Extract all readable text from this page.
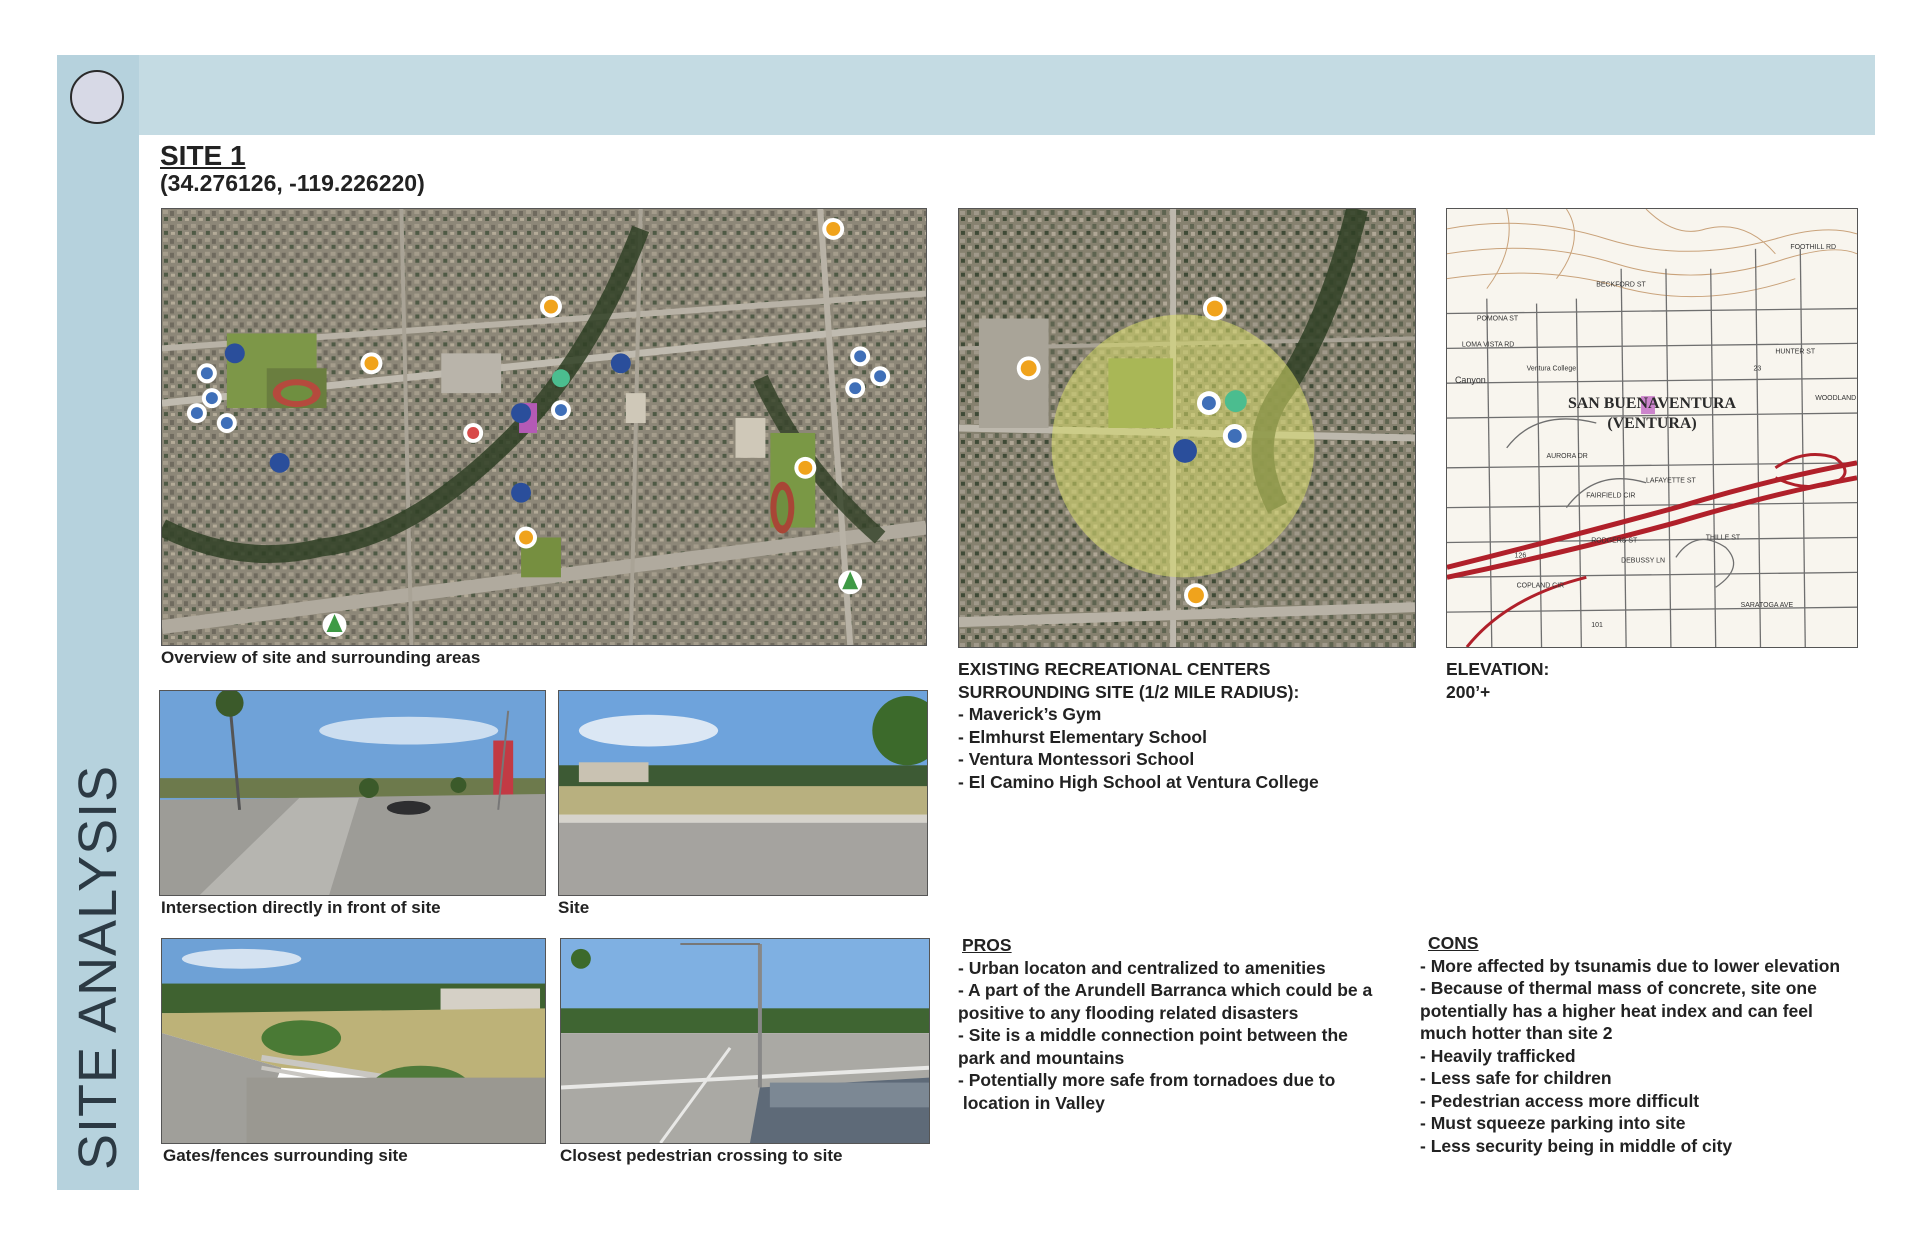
SITE ANALYSIS
SITE 1
(34.276126, -119.226220)
Overview of site and surrounding areas
FOOTHILL RD
BECKFORD ST
POMONA ST
LOMA VISTA RD
HUNTER ST
Ventura College
LAFAYETTE ST
AURORA DR
FAIRFIELD CIR
RODGERS ST	THILLE ST
DEBUSSY LN
COPLAND CIR
SARATOGA AVE
WOODLAND
Canyon
126
101
23
SAN BUENAVENTURA
(VENTURA)
EXISTING RECREATIONAL CENTERS
SURROUNDING SITE (1/2 MILE RADIUS):
- Maverick’s Gym
- Elmhurst Elementary School
- Ventura Montessori School
- El Camino High School at Ventura College
ELEVATION:
200’+
Intersection directly in front of site	Site
Gates/fences surrounding site	Closest pedestrian crossing to site
PROS
- Urban locaton and centralized to amenities
- A part of the Arundell Barranca which could be a
positive to any flooding related disasters
- Site is a middle connection point between the
park and mountains
- Potentially more safe from tornadoes due to
location in Valley
CONS
- More affected by tsunamis due to lower elevation
- Because of thermal mass of concrete, site one
potentially has a higher heat index and can feel
much hotter than site 2
- Heavily trafficked
- Less safe for children
- Pedestrian access more difficult
- Must squeeze parking into site
- Less security being in middle of city
